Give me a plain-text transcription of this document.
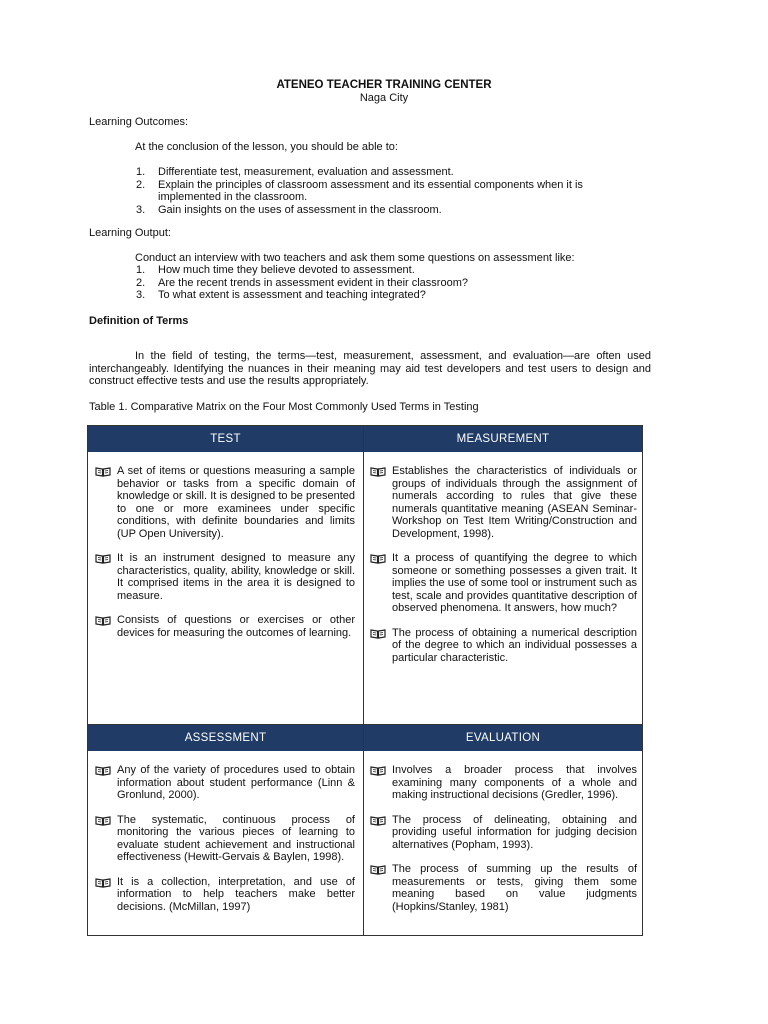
ATENEO TEACHER TRAINING CENTER
Naga City
Learning Outcomes:
At the conclusion of the lesson, you should be able to:
1. Differentiate test, measurement, evaluation and assessment.
2. Explain the principles of classroom assessment and its essential components when it is implemented in the classroom.
3. Gain insights on the uses of assessment in the classroom.
Learning Output:
Conduct an interview with two teachers and ask them some questions on assessment like:
1. How much time they believe devoted to assessment.
2. Are the recent trends in assessment evident in their classroom?
3. To what extent is assessment and teaching integrated?
Definition of Terms
In the field of testing, the terms—test, measurement, assessment, and evaluation—are often used interchangeably. Identifying the nuances in their meaning may aid test developers and test users to design and construct effective tests and use the results appropriately.
Table 1. Comparative Matrix on the Four Most Commonly Used Terms in Testing
TEST	MEASUREMENT
ASSESSMENT	EVALUATION
A set of items or questions measuring a sample behavior or tasks from a specific domain of knowledge or skill. It is designed to be presented to one or more examinees under specific conditions, with definite boundaries and limits (UP Open University).
It is an instrument designed to measure any characteristics, quality, ability, knowledge or skill. It comprised items in the area it is designed to measure.
Consists of questions or exercises or other devices for measuring the outcomes of learning.
Establishes the characteristics of individuals or groups of individuals through the assignment of numerals according to rules that give these numerals quantitative meaning (ASEAN Seminar-Workshop on Test Item Writing/Construction and Development, 1998).
It a process of quantifying the degree to which someone or something possesses a given trait. It implies the use of some tool or instrument such as test, scale and provides quantitative description of observed phenomena. It answers, how much?
The process of obtaining a numerical description of the degree to which an individual possesses a particular characteristic.
Any of the variety of procedures used to obtain information about student performance (Linn & Gronlund, 2000).
The systematic, continuous process of monitoring the various pieces of learning to evaluate student achievement and instructional effectiveness (Hewitt-Gervais & Baylen, 1998).
It is a collection, interpretation, and use of information to help teachers make better decisions. (McMillan, 1997)
Involves a broader process that involves examining many components of a whole and making instructional decisions (Gredler, 1996).
The process of delineating, obtaining and providing useful information for judging decision alternatives (Popham, 1993).
The process of summing up the results of measurements or tests, giving them some meaning based on value judgments (Hopkins/Stanley, 1981)
